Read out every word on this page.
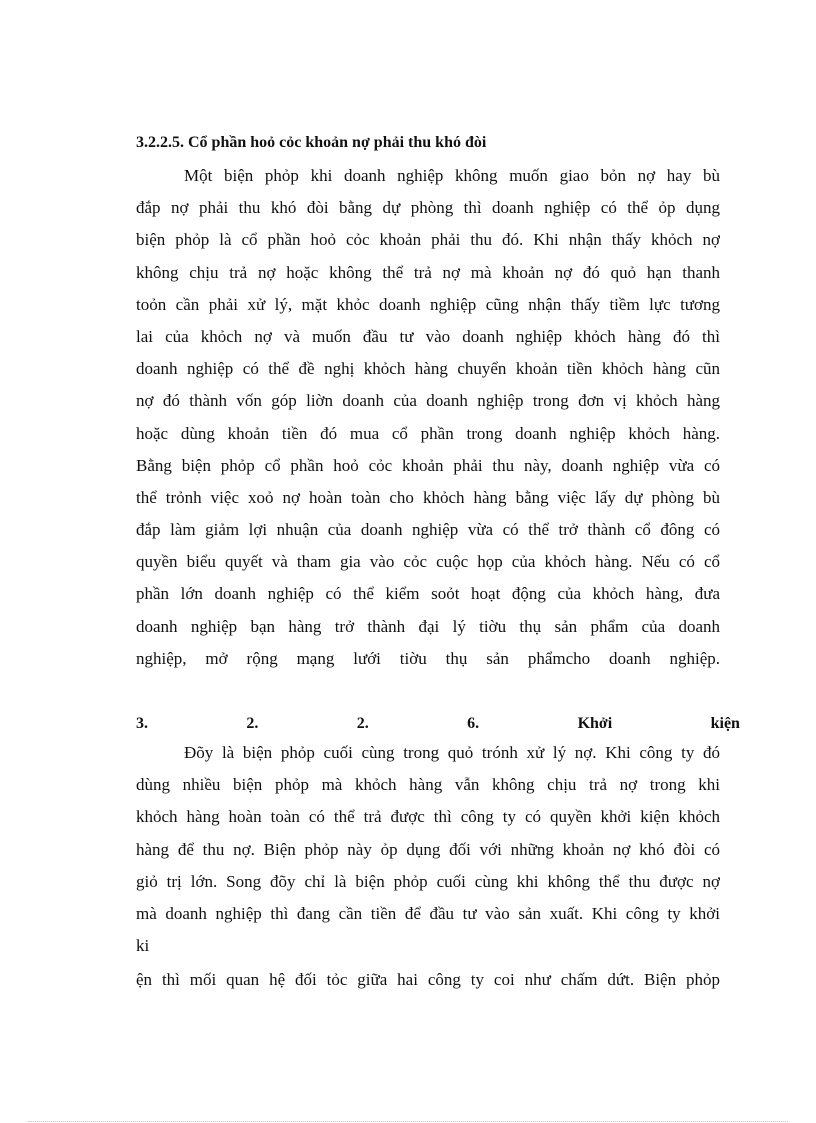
3.2.2.5. Cổ phần hoỏ cỏc khoản nợ phải thu khó đòi
Một biện phỏp khi doanh nghiệp không muốn giao bỏn nợ hay bù
đắp nợ phải thu khó đòi bằng dự phòng thì doanh nghiệp có thể ỏp dụng
biện phỏp là cổ phần hoỏ cỏc khoản phải thu đó. Khi nhận thấy khỏch nợ
không chịu trả nợ hoặc không thể trả nợ mà khoản nợ đó quỏ hạn thanh
toỏn cần phải xử lý, mặt khỏc doanh nghiệp cũng nhận thấy tiềm lực tương
lai của khỏch nợ và muốn đầu tư vào doanh nghiệp khỏch hàng đó thì
doanh nghiệp có thể đề nghị khỏch hàng chuyển khoản tiền khỏch hàng cũn
nợ đó thành vốn góp liờn doanh của doanh nghiệp trong đơn vị khỏch hàng
hoặc dùng khoản tiền đó mua cổ phần trong doanh nghiệp khỏch hàng.
Bằng biện phỏp cổ phần hoỏ cỏc khoản phải thu này, doanh nghiệp vừa có
thể trỏnh việc xoỏ nợ hoàn toàn cho khỏch hàng bằng việc lấy dự phòng bù
đắp làm giảm lợi nhuận của doanh nghiệp vừa có thể trở thành cổ đông có
quyền biểu quyết và tham gia vào cỏc cuộc họp của khỏch hàng. Nếu có cổ
phần lớn doanh nghiệp có thể kiểm soỏt hoạt động của khỏch hàng, đưa
doanh nghiệp bạn hàng trở thành đại lý tiờu thụ sản phẩm của doanh
nghiệp, mở rộng mạng lưới tiờu thụ sản phẩmcho doanh nghiệp.
3.	2.	2.	6.	Khởi	kiện
Đõy là biện phỏp cuối cùng trong quỏ trónh xử lý nợ. Khi công ty đó
dùng nhiều biện phỏp mà khỏch hàng vẫn không chịu trả nợ trong khi
khỏch hàng hoàn toàn có thể trả được thì công ty có quyền khởi kiện khỏch
hàng để thu nợ. Biện phỏp này ỏp dụng đối với những khoản nợ khó đòi có
giỏ trị lớn. Song đõy chỉ là biện phỏp cuối cùng khi không thể thu được nợ
mà doanh nghiệp thì đang cần tiền để đầu tư vào sản xuất. Khi công ty khởi
ki
ện thì mối quan hệ đối tỏc giữa hai công ty coi như chấm dứt. Biện phỏp
